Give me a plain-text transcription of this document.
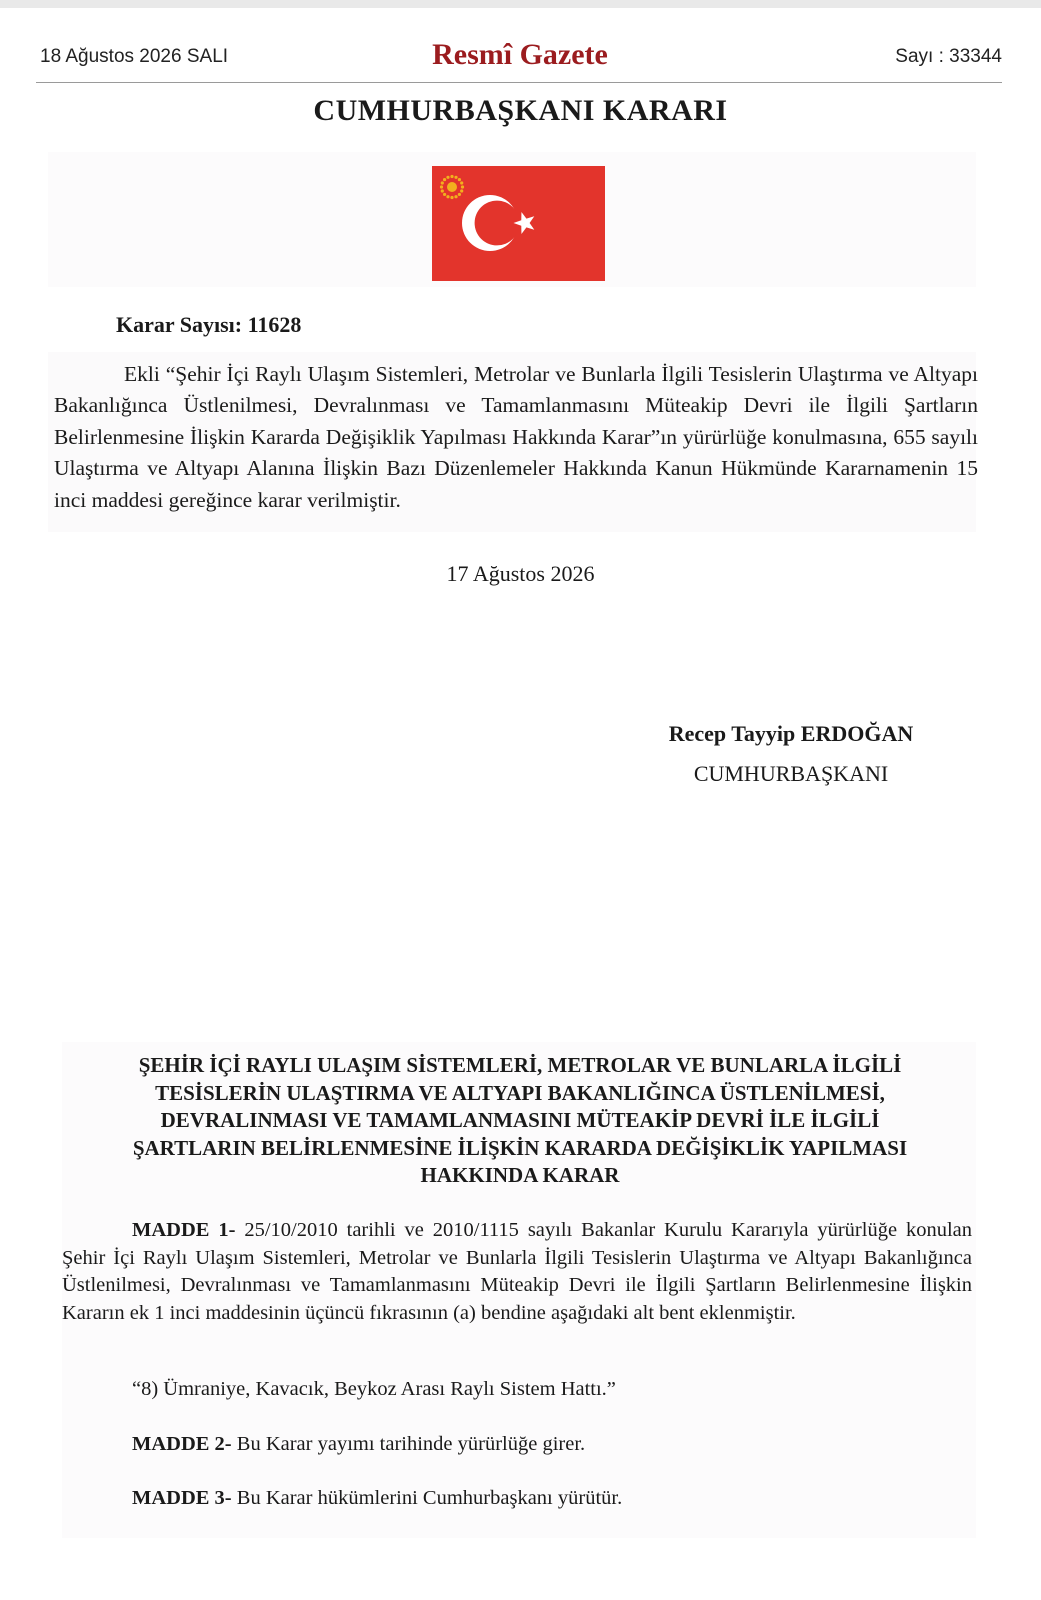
18 Ağustos 2026 SALI	Resmî Gazete	Sayı : 33344
CUMHURBAŞKANI KARARI
Karar Sayısı: 11628
Ekli “Şehir İçi Raylı Ulaşım Sistemleri, Metrolar ve Bunlarla İlgili Tesislerin Ulaştırma ve Altyapı Bakanlığınca Üstlenilmesi, Devralınması ve Tamamlanmasını Müteakip Devri ile İlgili Şartların Belirlenmesine İlişkin Kararda Değişiklik Yapılması Hakkında Karar”ın yürürlüğe konulmasına, 655 sayılı Ulaştırma ve Altyapı Alanına İlişkin Bazı Düzenlemeler Hakkında Kanun Hükmünde Kararnamenin 15 inci maddesi gereğince karar verilmiştir.
17 Ağustos 2026
Recep Tayyip ERDOĞAN
CUMHURBAŞKANI
ŞEHİR İÇİ RAYLI ULAŞIM SİSTEMLERİ, METROLAR VE BUNLARLA İLGİLİ
TESİSLERİN ULAŞTIRMA VE ALTYAPI BAKANLIĞINCA ÜSTLENİLMESİ,
DEVRALINMASI VE TAMAMLANMASINI MÜTEAKİP DEVRİ İLE İLGİLİ
ŞARTLARIN BELİRLENMESİNE İLİŞKİN KARARDA DEĞİŞİKLİK YAPILMASI
HAKKINDA KARAR
MADDE 1- 25/10/2010 tarihli ve 2010/1115 sayılı Bakanlar Kurulu Kararıyla yürürlüğe konulan Şehir İçi Raylı Ulaşım Sistemleri, Metrolar ve Bunlarla İlgili Tesislerin Ulaştırma ve Altyapı Bakanlığınca Üstlenilmesi, Devralınması ve Tamamlanmasını Müteakip Devri ile İlgili Şartların Belirlenmesine İlişkin Kararın ek 1 inci maddesinin üçüncü fıkrasının (a) bendine aşağıdaki alt bent eklenmiştir.
“8) Ümraniye, Kavacık, Beykoz Arası Raylı Sistem Hattı.”
MADDE 2- Bu Karar yayımı tarihinde yürürlüğe girer.
MADDE 3- Bu Karar hükümlerini Cumhurbaşkanı yürütür.
